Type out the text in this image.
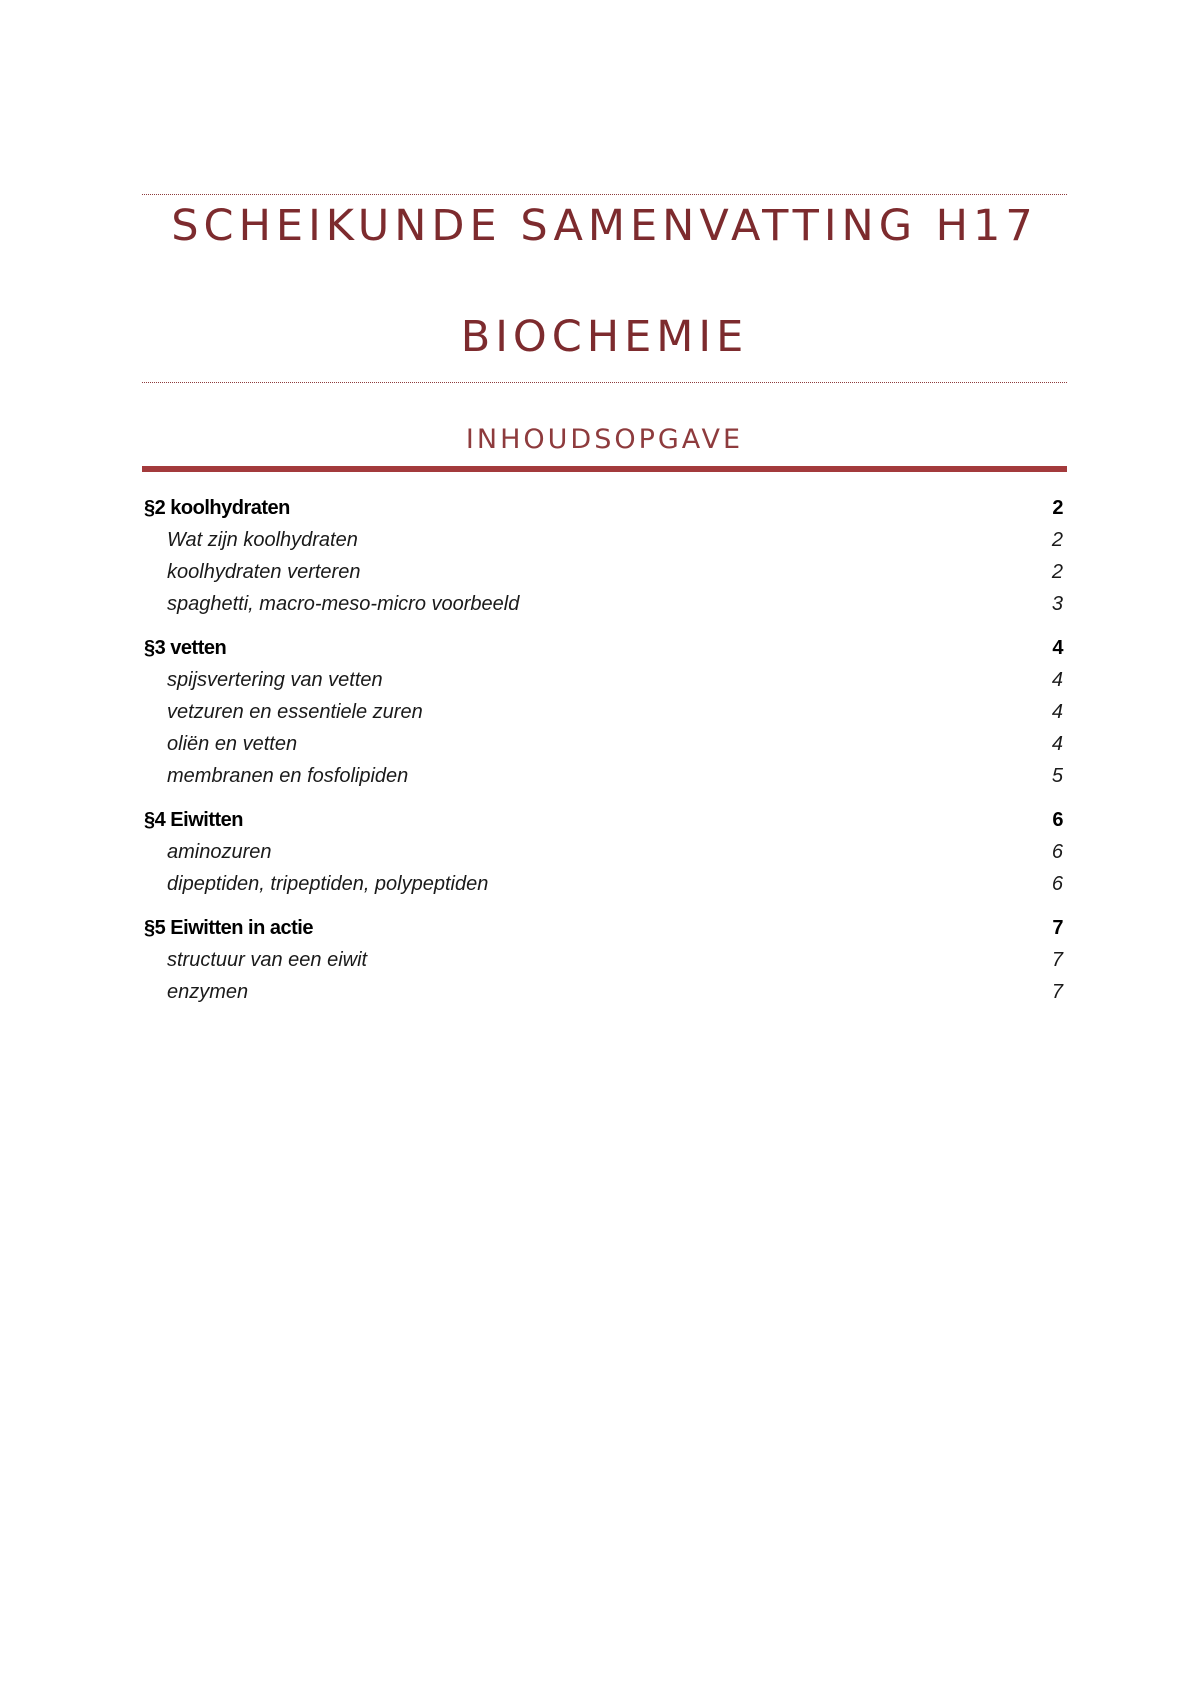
SCHEIKUNDE SAMENVATTING H17
BIOCHEMIE
INHOUDSOPGAVE
§2 koolhydraten	2
Wat zijn koolhydraten	2
koolhydraten verteren	2
spaghetti, macro-meso-micro voorbeeld	3
§3 vetten	4
spijsvertering van vetten	4
vetzuren en essentiele zuren	4
oliën en vetten	4
membranen en fosfolipiden	5
§4 Eiwitten	6
aminozuren	6
dipeptiden, tripeptiden, polypeptiden	6
§5 Eiwitten in actie	7
structuur van een eiwit	7
enzymen	7
